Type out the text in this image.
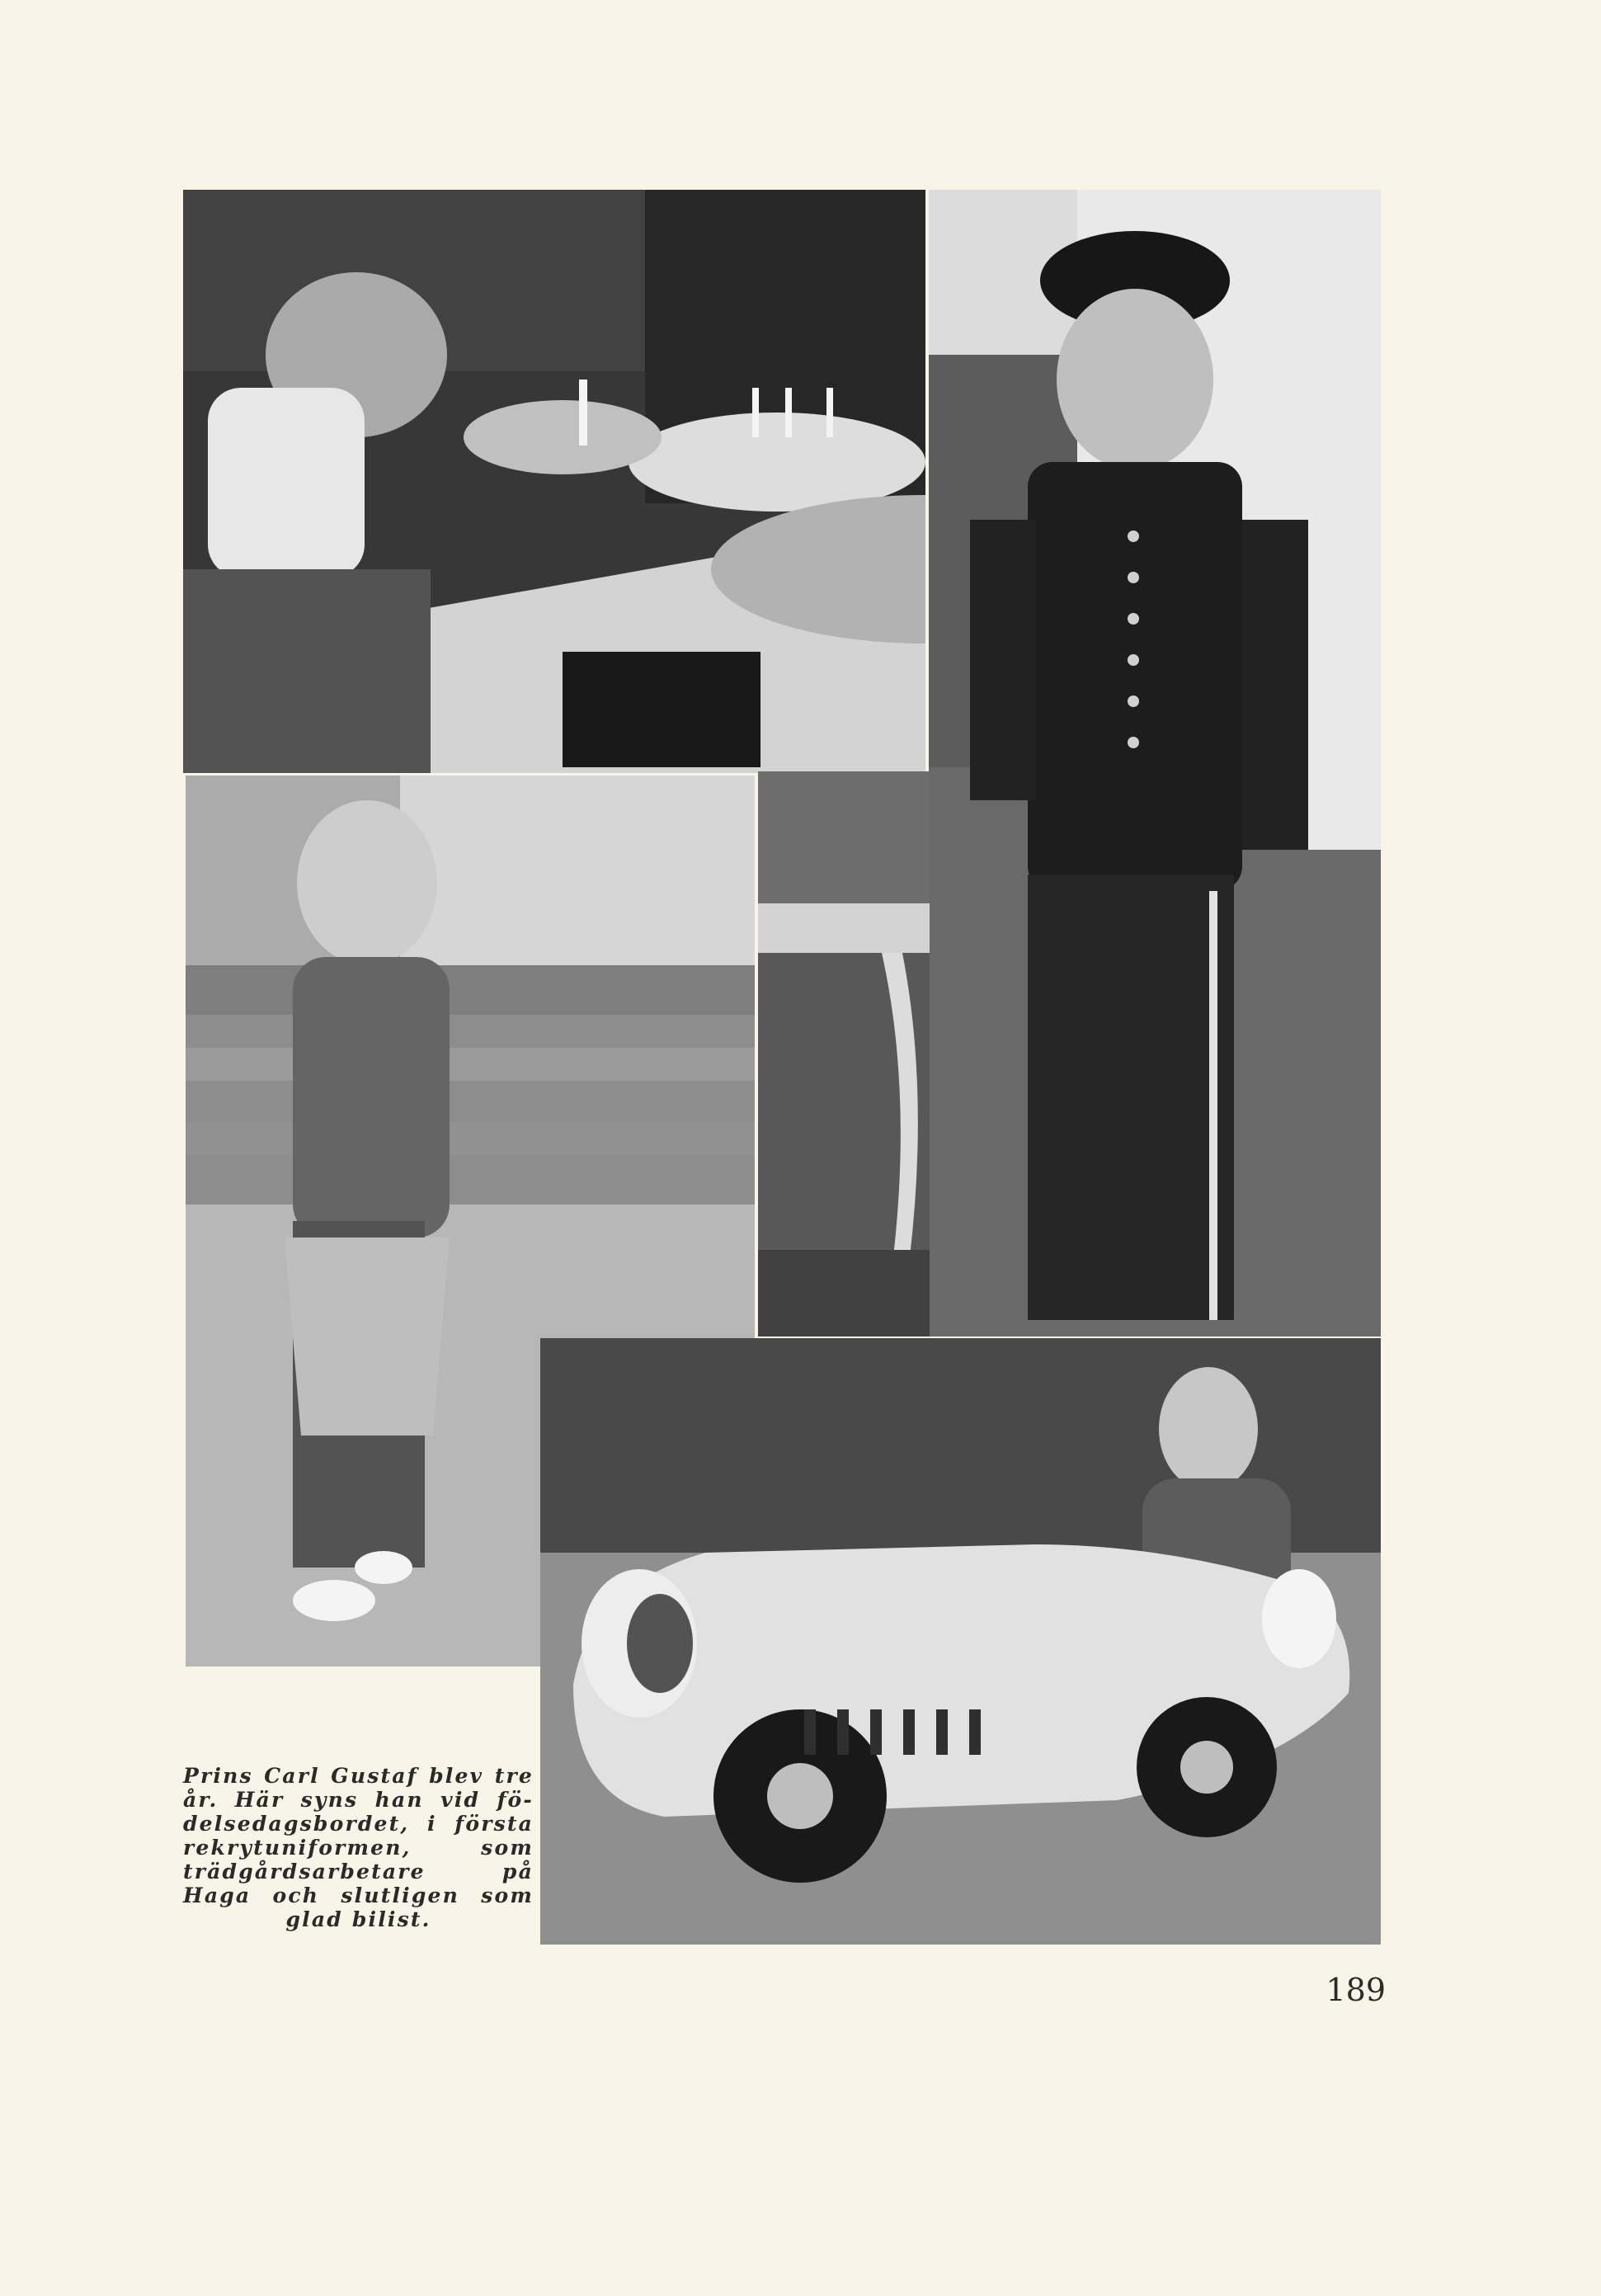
Prins Carl Gustaf blev tre år. Här syns han vid fö-delsedagsbordet, i första rekrytuniformen, som trädgårdsarbetare på Haga och slutligen som glad bilist.
189
